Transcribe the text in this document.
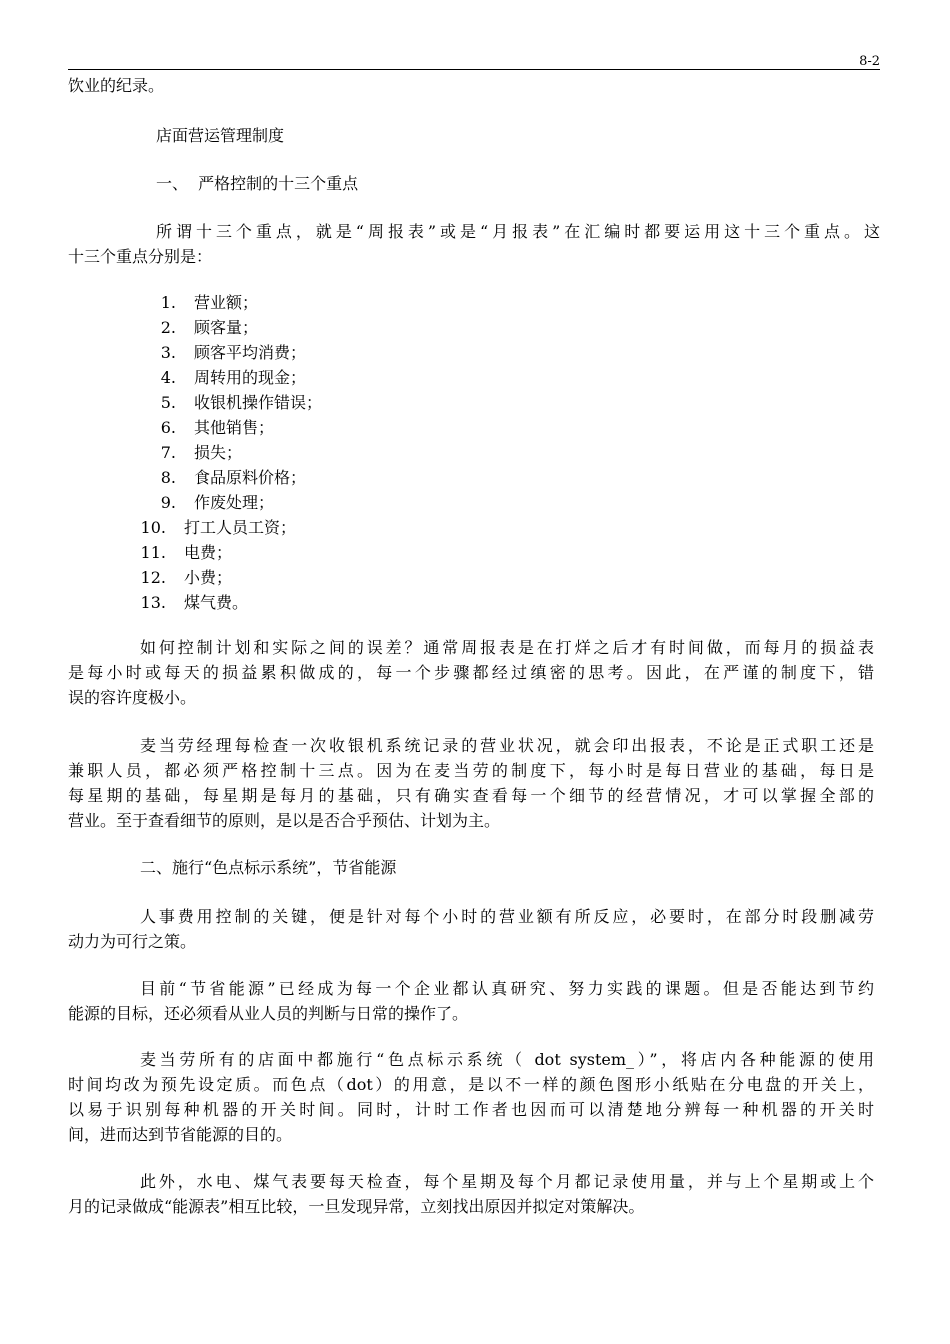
8-2
饮业的纪录。
店面营运管理制度
一、  严格控制的十三个重点
所谓十三个重点，就是“周报表”或是“月报表”在汇编时都要运用这十三个重点。这
十三个重点分别是：
1. 营业额；
2. 顾客量；
3. 顾客平均消费；
4. 周转用的现金；
5. 收银机操作错误；
6. 其他销售；
7. 损失；
8. 食品原料价格；
9. 作废处理；
10. 打工人员工资；
11. 电费；
12. 小费；
13. 煤气费。
如何控制计划和实际之间的误差？通常周报表是在打烊之后才有时间做，而每月的损益表
是每小时或每天的损益累积做成的，每一个步骤都经过缜密的思考。因此，在严谨的制度下，错
误的容许度极小。
麦当劳经理每检查一次收银机系统记录的营业状况，就会印出报表，不论是正式职工还是
兼职人员，都必须严格控制十三点。因为在麦当劳的制度下，每小时是每日营业的基础，每日是
每星期的基础，每星期是每月的基础，只有确实查看每一个细节的经营情况，才可以掌握全部的
营业。至于查看细节的原则，是以是否合乎预估、计划为主。
二、施行“色点标示系统”，节省能源
人事费用控制的关键，便是针对每个小时的营业额有所反应，必要时，在部分时段删减劳
动力为可行之策。
目前“节省能源”已经成为每一个企业都认真研究、努力实践的课题。但是否能达到节约
能源的目标，还必须看从业人员的判断与日常的操作了。
麦当劳所有的店面中都施行“色点标示系统（ dot system_）”，将店内各种能源的使用
时间均改为预先设定质。而色点（dot）的用意，是以不一样的颜色图形小纸贴在分电盘的开关上，
以易于识别每种机器的开关时间。同时，计时工作者也因而可以清楚地分辨每一种机器的开关时
间，进而达到节省能源的目的。
此外，水电、煤气表要每天检查，每个星期及每个月都记录使用量，并与上个星期或上个
月的记录做成“能源表”相互比较，一旦发现异常，立刻找出原因并拟定对策解决。
